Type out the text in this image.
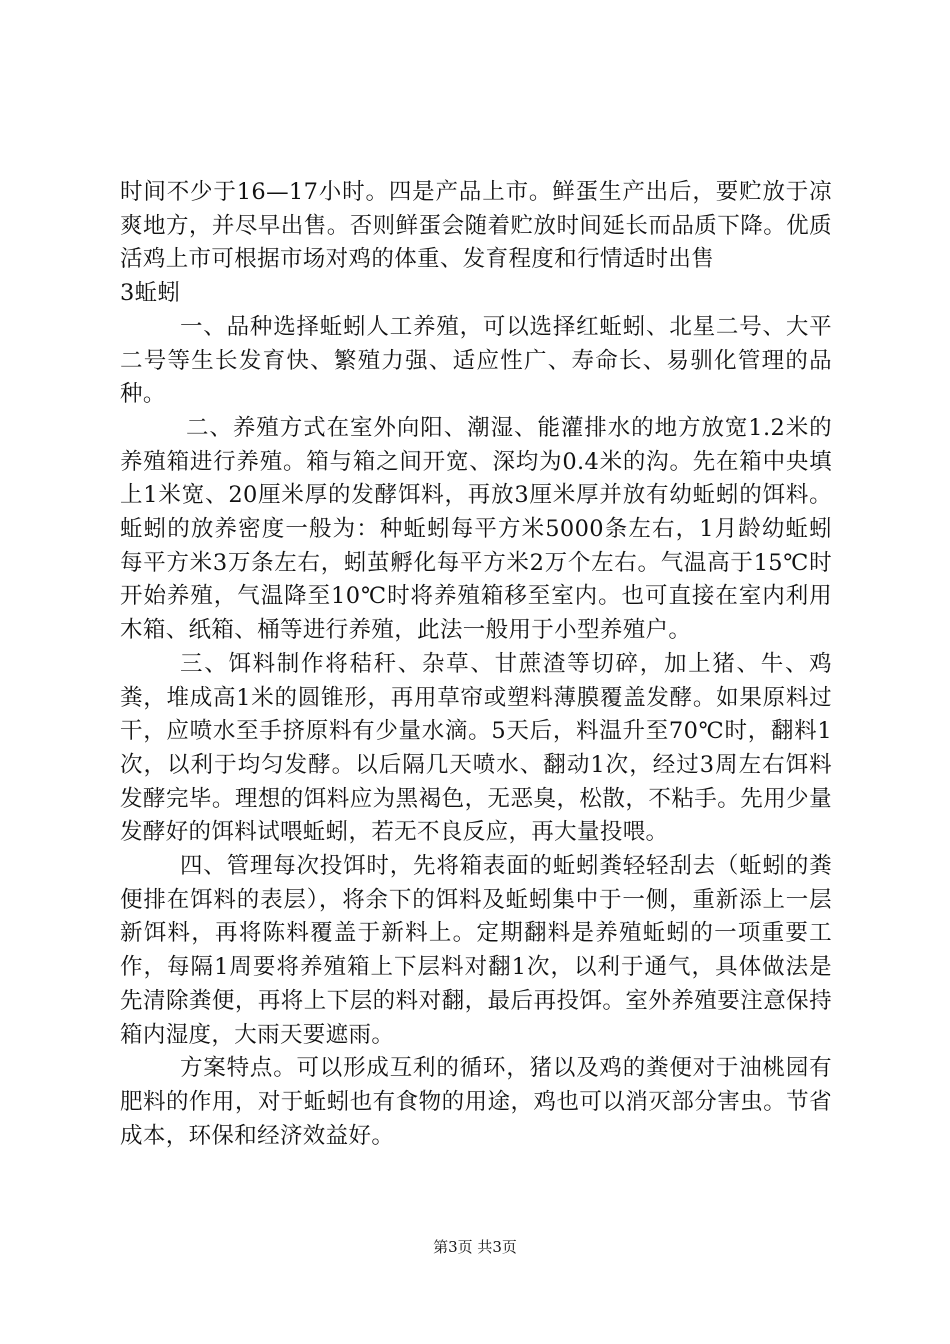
时间不少于16—17小时。四是产品上市。鲜蛋生产出后，要贮放于凉爽地方，并尽早出售。否则鲜蛋会随着贮放时间延长而品质下降。优质活鸡上市可根据市场对鸡的体重、发育程度和行情适时出售

3蚯蚓

一、品种选择蚯蚓人工养殖，可以选择红蚯蚓、北星二号、大平二号等生长发育快、繁殖力强、适应性广、寿命长、易驯化管理的品种。

二、养殖方式在室外向阳、潮湿、能灌排水的地方放宽1.2米的养殖箱进行养殖。箱与箱之间开宽、深均为0.4米的沟。先在箱中央填上1米宽、20厘米厚的发酵饵料，再放3厘米厚并放有幼蚯蚓的饵料。蚯蚓的放养密度一般为：种蚯蚓每平方米5000条左右，1月龄幼蚯蚓每平方米3万条左右，蚓茧孵化每平方米2万个左右。气温高于15℃时开始养殖，气温降至10℃时将养殖箱移至室内。也可直接在室内利用木箱、纸箱、桶等进行养殖，此法一般用于小型养殖户。

三、饵料制作将秸秆、杂草、甘蔗渣等切碎，加上猪、牛、鸡粪，堆成高1米的圆锥形，再用草帘或塑料薄膜覆盖发酵。如果原料过干，应喷水至手挤原料有少量水滴。5天后，料温升至70℃时，翻料1次，以利于均匀发酵。以后隔几天喷水、翻动1次，经过3周左右饵料发酵完毕。理想的饵料应为黑褐色，无恶臭，松散，不粘手。先用少量发酵好的饵料试喂蚯蚓，若无不良反应，再大量投喂。

四、管理每次投饵时，先将箱表面的蚯蚓粪轻轻刮去（蚯蚓的粪便排在饵料的表层），将余下的饵料及蚯蚓集中于一侧，重新添上一层新饵料，再将陈料覆盖于新料上。定期翻料是养殖蚯蚓的一项重要工作，每隔1周要将养殖箱上下层料对翻1次，以利于通气，具体做法是先清除粪便，再将上下层的料对翻，最后再投饵。室外养殖要注意保持箱内湿度，大雨天要遮雨。

方案特点。可以形成互利的循环，猪以及鸡的粪便对于油桃园有肥料的作用，对于蚯蚓也有食物的用途，鸡也可以消灭部分害虫。节省成本，环保和经济效益好。

第3页 共3页
